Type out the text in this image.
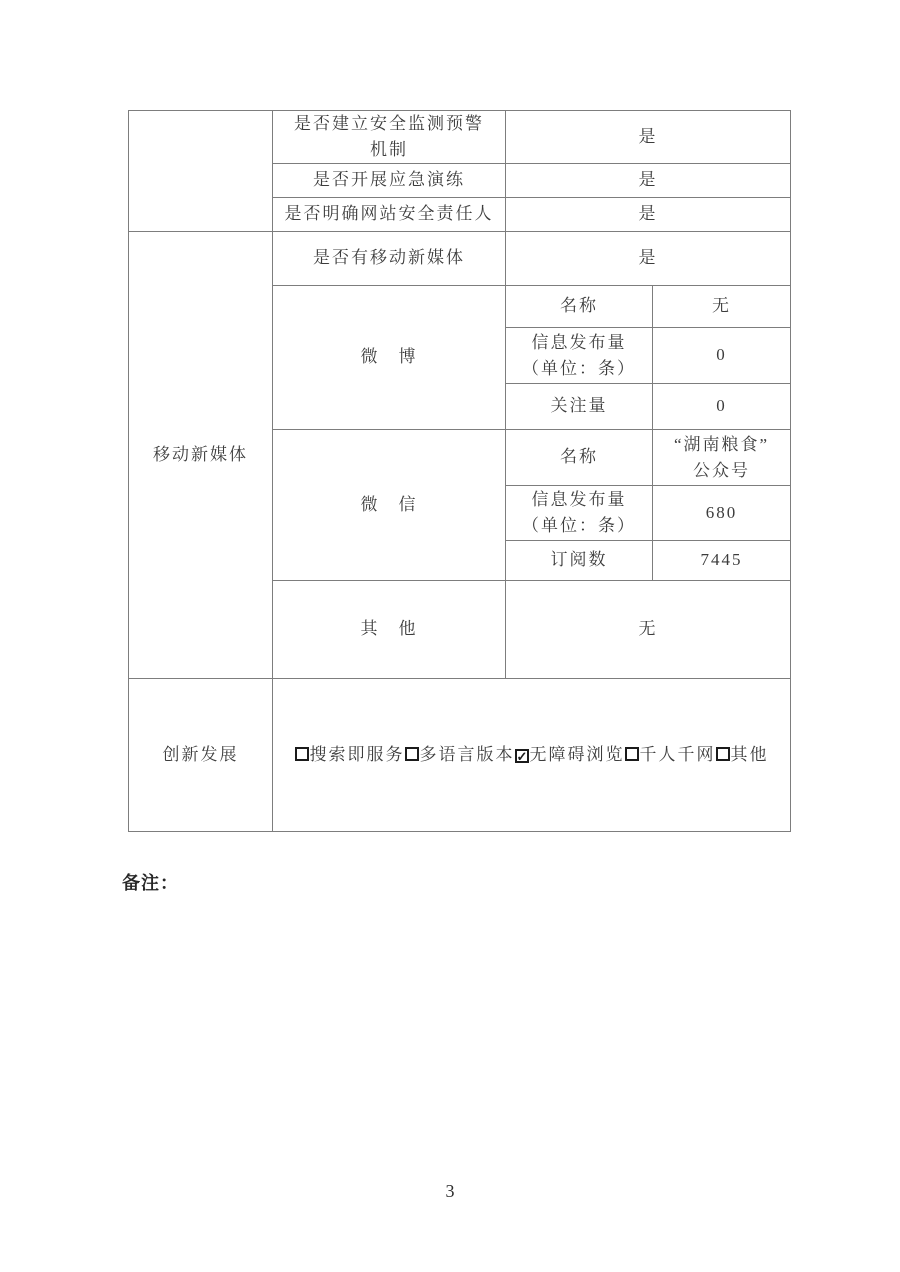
	是否建立安全监测预警
机制	是	
	是否开展应急演练	是	
	是否明确网站安全责任人	是	
移动新媒体	是否有移动新媒体	是	
	微　博	名称	无

		信息发布量
（单位：条）	0
		关注量	0
	微　信	名称	“湖南粮食”
公众号

		信息发布量
（单位：条）	680
		订阅数	7445
	其　他	无	
创新发展	搜索即服务 多语言版本 ✓ 无障碍浏览 千人千网 其他		
备注：
3
